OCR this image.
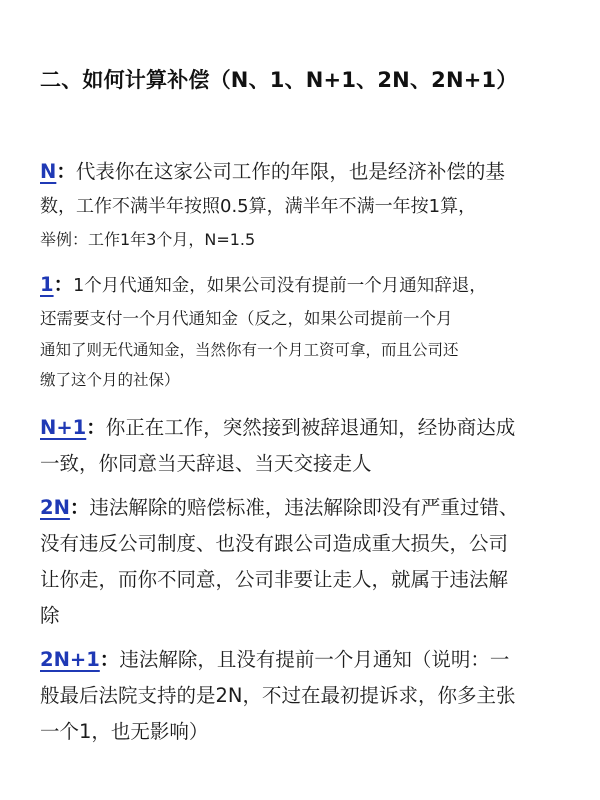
二、如何计算补偿（N、1、N+1、2N、2N+1）
N：代表你在这家公司工作的年限，也是经济补偿的基
数，工作不满半年按照0.5算，满半年不满一年按1算，
举例：工作1年3个月，N=1.5
1：1个月代通知金，如果公司没有提前一个月通知辞退，
还需要支付一个月代通知金（反之，如果公司提前一个月
通知了则无代通知金，当然你有一个月工资可拿，而且公司还
缴了这个月的社保）
N+1：你正在工作，突然接到被辞退通知，经协商达成
一致，你同意当天辞退、当天交接走人
2N：违法解除的赔偿标准，违法解除即没有严重过错、
没有违反公司制度、也没有跟公司造成重大损失，公司
让你走，而你不同意，公司非要让走人，就属于违法解
除
2N+1：违法解除，且没有提前一个月通知（说明：一
般最后法院支持的是2N，不过在最初提诉求，你多主张
一个1，也无影响）
